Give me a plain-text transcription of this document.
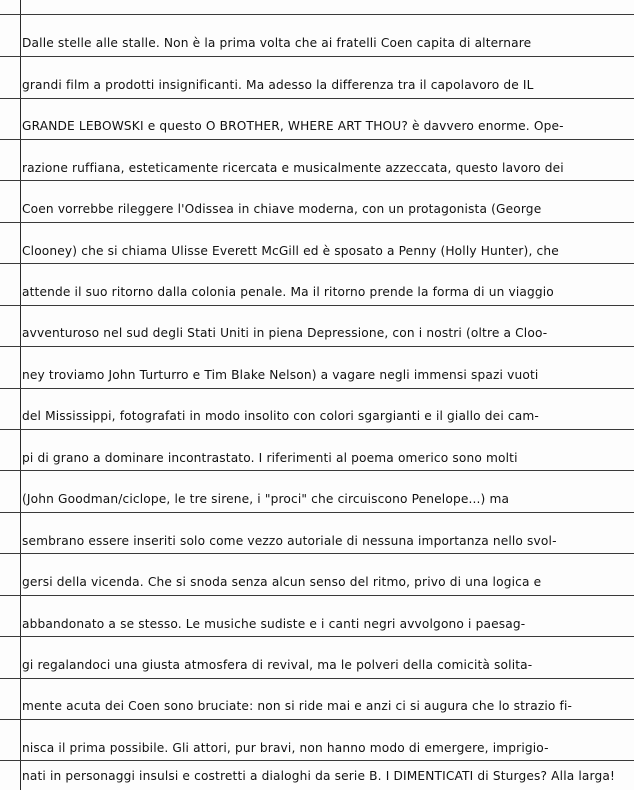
Dalle stelle alle stalle. Non è la prima volta che ai fratelli Coen capita di alternare
grandi film a prodotti insignificanti. Ma adesso la differenza tra il capolavoro de IL
GRANDE LEBOWSKI e questo O BROTHER, WHERE ART THOU? è davvero enorme. Ope-
razione ruffiana, esteticamente ricercata e musicalmente azzeccata, questo lavoro dei
Coen vorrebbe rileggere l'Odissea in chiave moderna, con un protagonista (George
Clooney) che si chiama Ulisse Everett McGill ed è sposato a Penny (Holly Hunter), che
attende il suo ritorno dalla colonia penale. Ma il ritorno prende la forma di un viaggio
avventuroso nel sud degli Stati Uniti in piena Depressione, con i nostri (oltre a Cloo-
ney troviamo John Turturro e Tim Blake Nelson) a vagare negli immensi spazi vuoti
del Mississippi, fotografati in modo insolito con colori sgargianti e il giallo dei cam-
pi di grano a dominare incontrastato. I riferimenti al poema omerico sono molti
(John Goodman/ciclope, le tre sirene, i "proci" che circuiscono Penelope...) ma
sembrano essere inseriti solo come vezzo autoriale di nessuna importanza nello svol-
gersi della vicenda. Che si snoda senza alcun senso del ritmo, privo di una logica e
abbandonato a se stesso. Le musiche sudiste e i canti negri avvolgono i paesag-
gi regalandoci una giusta atmosfera di revival, ma le polveri della comicità solita-
mente acuta dei Coen sono bruciate: non si ride mai e anzi ci si augura che lo strazio fi-
nisca il prima possibile. Gli attori, pur bravi, non hanno modo di emergere, imprigio-
nati in personaggi insulsi e costretti a dialoghi da serie B. I DIMENTICATI di Sturges? Alla larga!
